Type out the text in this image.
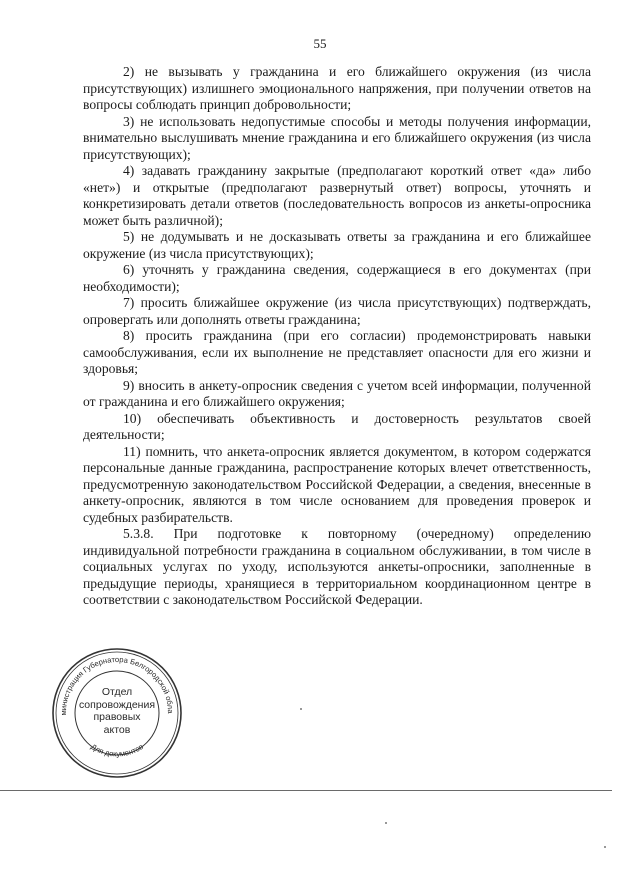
55

2) не вызывать у гражданина и его ближайшего окружения (из числа присутствующих) излишнего эмоционального напряжения, при получении ответов на вопросы соблюдать принцип добровольности;

3) не использовать недопустимые способы и методы получения информации, внимательно выслушивать мнение гражданина и его ближайшего окружения (из числа присутствующих);

4) задавать гражданину закрытые (предполагают короткий ответ «да» либо «нет») и открытые (предполагают развернутый ответ) вопросы, уточнять и конкретизировать детали ответов (последовательность вопросов из анкеты-опросника может быть различной);

5) не додумывать и не досказывать ответы за гражданина и его ближайшее окружение (из числа присутствующих);

6) уточнять у гражданина сведения, содержащиеся в его документах (при необходимости);

7) просить ближайшее окружение (из числа присутствующих) подтверждать, опровергать или дополнять ответы гражданина;

8) просить гражданина (при его согласии) продемонстрировать навыки самообслуживания, если их выполнение не представляет опасности для его жизни и здоровья;

9) вносить в анкету-опросник сведения с учетом всей информации, полученной от гражданина и его ближайшего окружения;

10) обеспечивать объективность и достоверность результатов своей деятельности;

11) помнить, что анкета-опросник является документом, в котором содержатся персональные данные гражданина, распространение которых влечет ответственность, предусмотренную законодательством Российской Федерации, а сведения, внесенные в анкету-опросник, являются в том числе основанием для проведения проверок и судебных разбирательств.

5.3.8. При подготовке к повторному (очередному) определению индивидуальной потребности гражданина в социальном обслуживании, в том числе в социальных услугах по уходу, используются анкеты-опросники, заполненные в предыдущие периоды, хранящиеся в территориальном координационном центре в соответствии с законодательством Российской Федерации.

министрация Губернатора Белгородской обла
Для документов
Отдел
сопровождения
правовых
актов
